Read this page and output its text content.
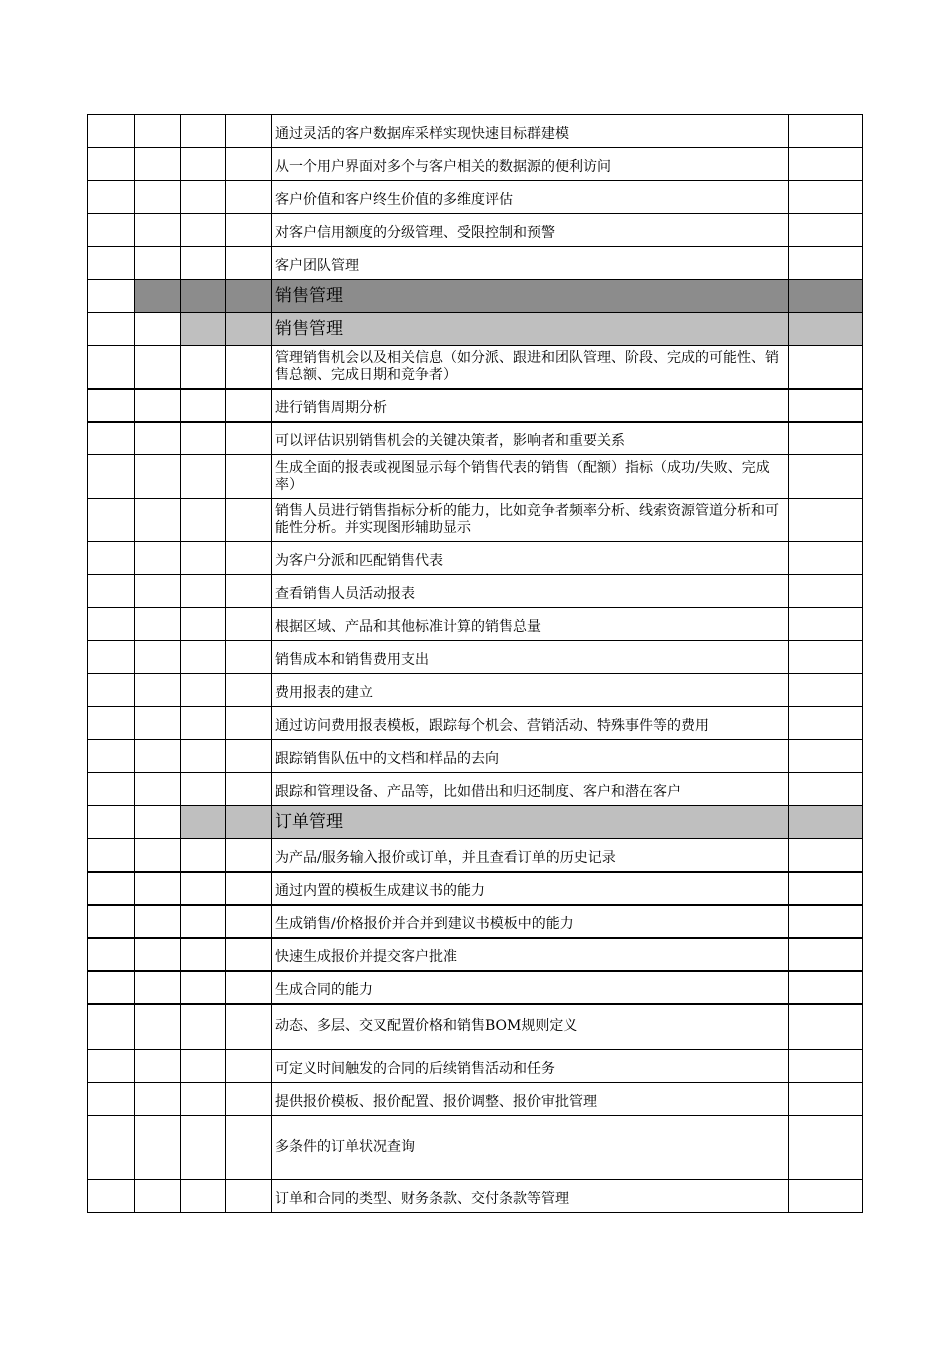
				通过灵活的客户数据库采样实现快速目标群建模	
				从一个用户界面对多个与客户相关的数据源的便利访问	
				客户价值和客户终生价值的多维度评估	
				对客户信用额度的分级管理、受限控制和预警	
				客户团队管理	
				销售管理	
				销售管理	
				管理销售机会以及相关信息（如分派、跟进和团队管理、阶段、完成的可能性、销售总额、完成日期和竞争者）	
				进行销售周期分析	
				可以评估识别销售机会的关键决策者，影响者和重要关系	
				生成全面的报表或视图显示每个销售代表的销售（配额）指标（成功/失败、完成率）	
				销售人员进行销售指标分析的能力，比如竞争者频率分析、线索资源管道分析和可能性分析。并实现图形辅助显示	
				为客户分派和匹配销售代表	
				查看销售人员活动报表	
				根据区域、产品和其他标准计算的销售总量	
				销售成本和销售费用支出	
				费用报表的建立	
				通过访问费用报表模板，跟踪每个机会、营销活动、特殊事件等的费用	
				跟踪销售队伍中的文档和样品的去向	
				跟踪和管理设备、产品等，比如借出和归还制度、客户和潜在客户	
				订单管理	
				为产品/服务输入报价或订单，并且查看订单的历史记录	
				通过内置的模板生成建议书的能力	
				生成销售/价格报价并合并到建议书模板中的能力	
				快速生成报价并提交客户批准	
				生成合同的能力	
				动态、多层、交叉配置价格和销售BOM规则定义	
				可定义时间触发的合同的后续销售活动和任务	
				提供报价模板、报价配置、报价调整、报价审批管理	
				多条件的订单状况查询	
				订单和合同的类型、财务条款、交付条款等管理	
